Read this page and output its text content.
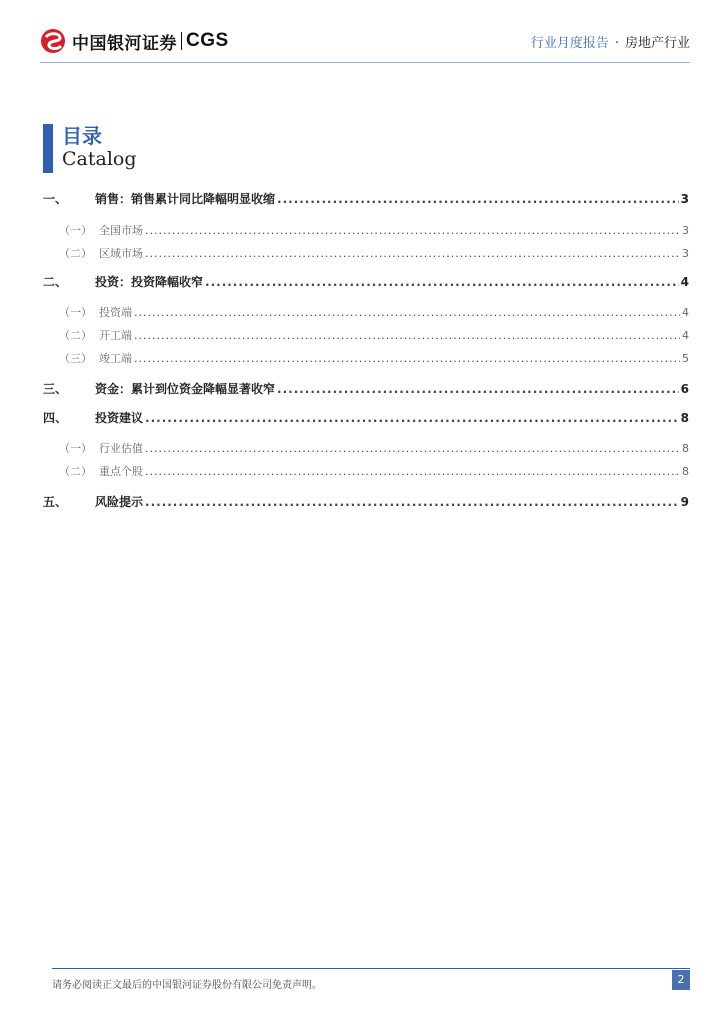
中国银河证券 CGS	行业月度报告 · 房地产行业
目录
Catalog
一、	销售：销售累计同比降幅明显收缩 .....	3
（一） 全国市场 .....	3
（二） 区域市场 .....	3
二、	投资：投资降幅收窄 .....	4
（一） 投资端 .....	4
（二） 开工端 .....	4
（三） 竣工端 .....	5
三、	资金：累计到位资金降幅显著收窄 .....	6
四、	投资建议 .....	8
（一） 行业估值 .....	8
（二） 重点个股 .....	8
五、	风险提示 .....	9
请务必阅读正文最后的中国银河证券股份有限公司免责声明。	2
